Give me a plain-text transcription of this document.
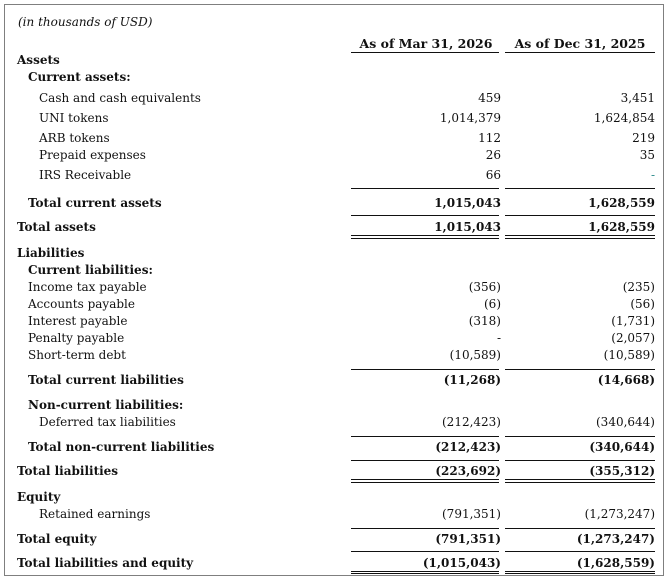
(in thousands of USD)
As of Mar 31, 2026	As of Dec 31, 2025
Assets
Current assets:
Cash and cash equivalents	459	3,451
UNI tokens	1,014,379	1,624,854
ARB tokens	112	219
Prepaid expenses	26	35
IRS Receivable	66	-
Total current assets	1,015,043	1,628,559
Total assets	1,015,043	1,628,559
Liabilities
Current liabilities:
Income tax payable	(356)	(235)
Accounts payable	(6)	(56)
Interest payable	(318)	(1,731)
Penalty payable	-	(2,057)
Short-term debt	(10,589)	(10,589)
Total current liabilities	(11,268)	(14,668)
Non-current liabilities:
Deferred tax liabilities	(212,423)	(340,644)
Total non-current liabilities	(212,423)	(340,644)
Total liabilities	(223,692)	(355,312)
Equity
Retained earnings	(791,351)	(1,273,247)
Total equity	(791,351)	(1,273,247)
Total liabilities and equity	(1,015,043)	(1,628,559)
